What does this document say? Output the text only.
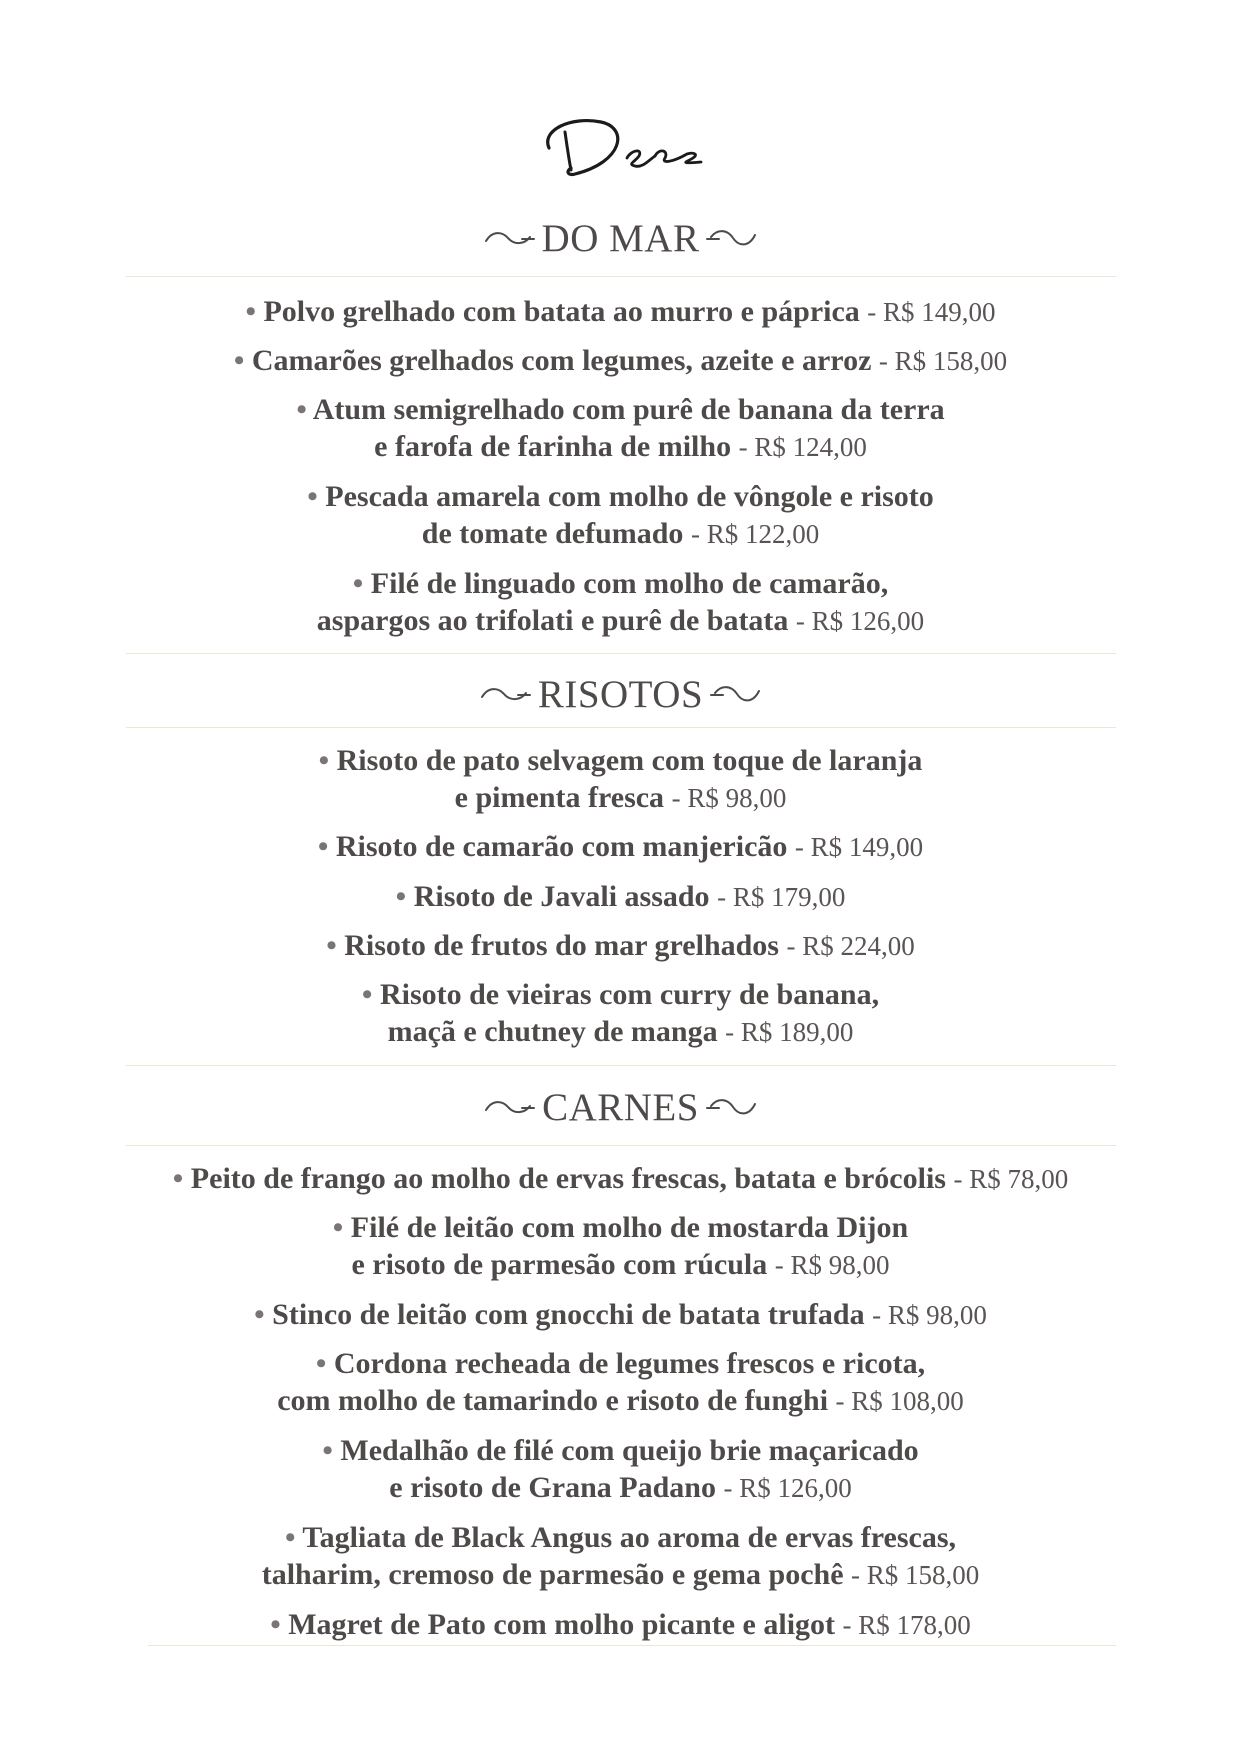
DO MAR
• Polvo grelhado com batata ao murro e páprica - R$ 149,00
• Camarões grelhados com legumes, azeite e arroz - R$ 158,00
• Atum semigrelhado com purê de banana da terra
e farofa de farinha de milho - R$ 124,00
• Pescada amarela com molho de vôngole e risoto
de tomate defumado - R$ 122,00
• Filé de linguado com molho de camarão,
aspargos ao trifolati e purê de batata - R$ 126,00
RISOTOS
• Risoto de pato selvagem com toque de laranja
e pimenta fresca - R$ 98,00
• Risoto de camarão com manjericão - R$ 149,00
• Risoto de Javali assado - R$ 179,00
• Risoto de frutos do mar grelhados - R$ 224,00
• Risoto de vieiras com curry de banana,
maçã e chutney de manga - R$ 189,00
CARNES
• Peito de frango ao molho de ervas frescas, batata e brócolis - R$ 78,00
• Filé de leitão com molho de mostarda Dijon
e risoto de parmesão com rúcula - R$ 98,00
• Stinco de leitão com gnocchi de batata trufada - R$ 98,00
• Cordona recheada de legumes frescos e ricota,
com molho de tamarindo e risoto de funghi - R$ 108,00
• Medalhão de filé com queijo brie maçaricado
e risoto de Grana Padano - R$ 126,00
• Tagliata de Black Angus ao aroma de ervas frescas,
talharim, cremoso de parmesão e gema pochê - R$ 158,00
• Magret de Pato com molho picante e aligot - R$ 178,00
